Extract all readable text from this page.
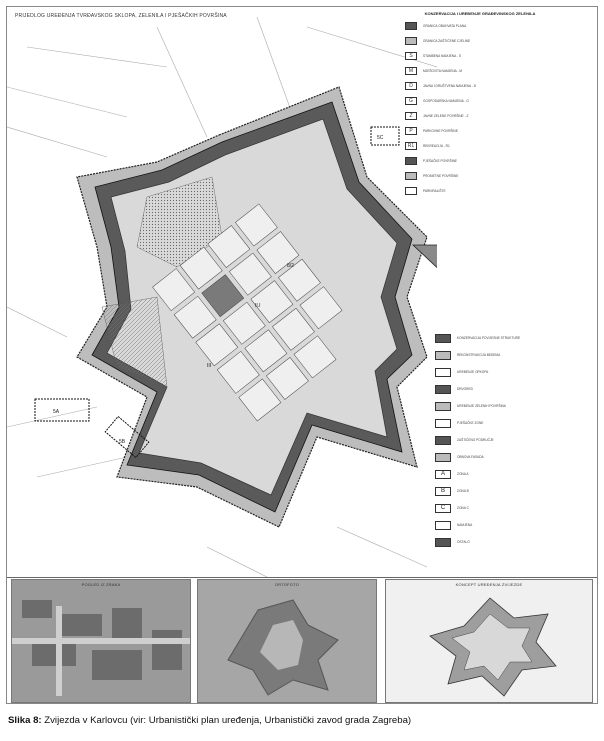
PRIJEDLOG UREĐENJA TVRĐAVSKOG SKLOPA, ZELENILA I PJEŠAČKIH POVRŠINA
II.I
8/2
III
5A
5B
5C
KONZERVACIJA I UREĐENJE GRAĐEVINSKOG ZELENILA
GRANICA OBUHVATA PLANA
GRANICA ZAŠTIĆENE CJELINE
S	STAMBENA NAMJENA - S
M	MJEŠOVITA NAMJENA - M
D	JAVNA I DRUŠTVENA NAMJENA - D
G	GOSPODARSKA NAMJENA - G
Z	JAVNE ZELENE POVRŠINE - Z
P	PARKOVNE POVRŠINE
R1	REKREACIJA - R1
PJEŠAČKE POVRŠINE
PROMETNE POVRŠINE
PARKIRALIŠTE
KONZERVACIJA POVIJESNE STRUKTURE
REKONSTRUKCIJA BEDEMA
UREĐENJE OPKOPA
DRVORED
UREĐENJE ZELENIH POVRŠINA
PJEŠAČKE ZONE
ZAŠTIĆENO PODRUČJE
OBNOVA FASADA
A	ZONA A
B	ZONA B
C	ZONA C
NAMJENA
OSTALO
POGLED IZ ZRAKA	ORTOFOTO	KONCEPT UREĐENJA ZVIJEZDE
Slika 8: Zvijezda v Karlovcu (vir: Urbanistički plan uređenja, Urbanistički zavod grada Zagreba)
